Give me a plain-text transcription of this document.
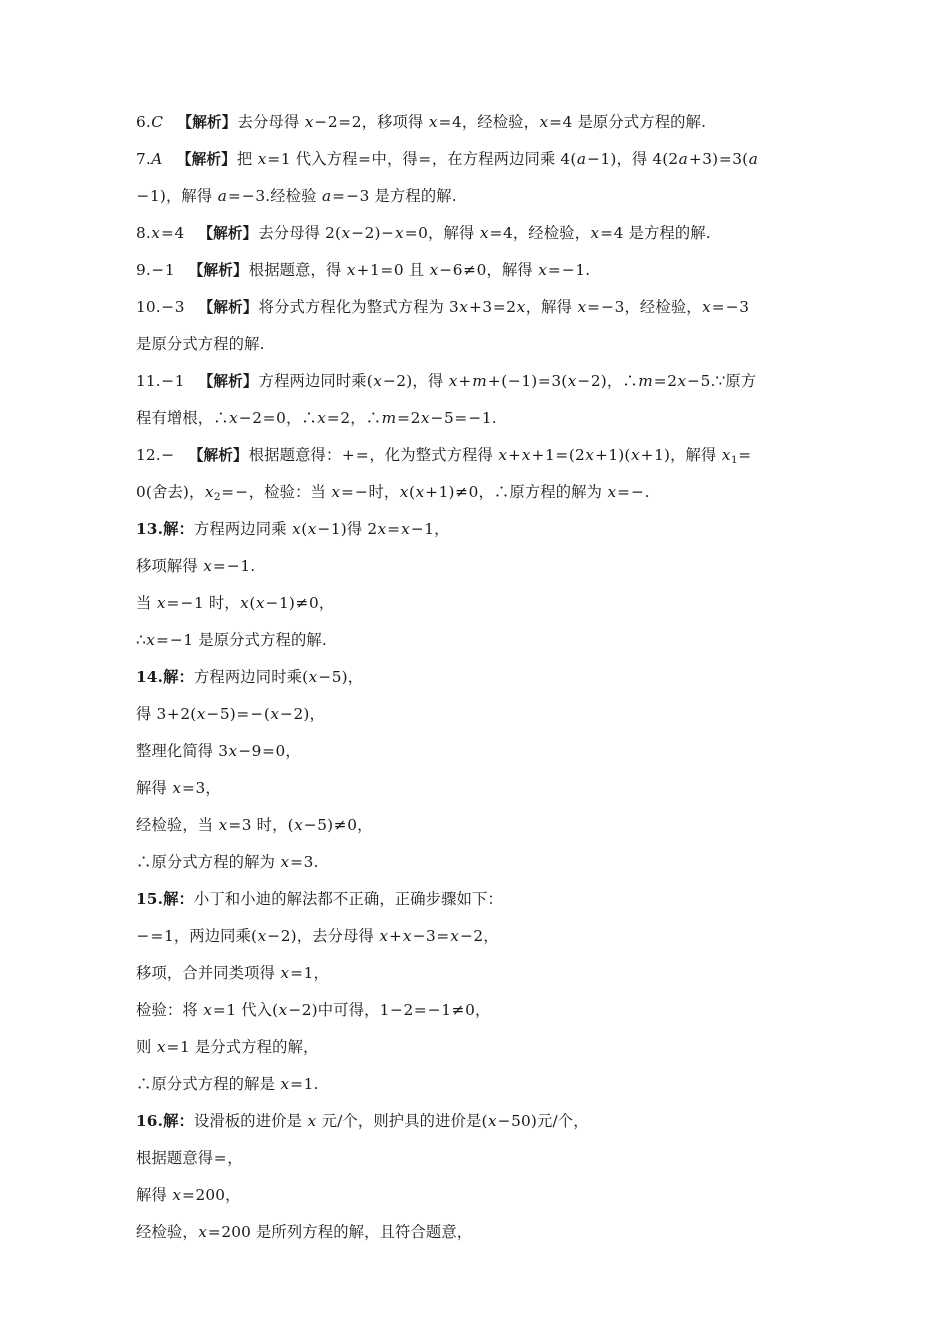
6.C 【解析】去分母得 x−2=2，移项得 x=4，经检验，x=4 是原分式方程的解.
7.A 【解析】把 x=1 代入方程=中，得=，在方程两边同乘 4(a−1)，得 4(2a+3)=3(a
−1)，解得 a=−3.经检验 a=−3 是方程的解.
8.x=4 【解析】去分母得 2(x−2)−x=0，解得 x=4，经检验，x=4 是方程的解.
9.−1 【解析】根据题意，得 x+1=0 且 x−6≠0，解得 x=−1.
10.−3 【解析】将分式方程化为整式方程为 3x+3=2x，解得 x=−3，经检验，x=−3
是原分式方程的解.
11.−1 【解析】方程两边同时乘(x−2)，得 x+m+(−1)=3(x−2)，∴m=2x−5.∵原方
程有增根，∴x−2=0，∴x=2，∴m=2x−5=−1.
12.− 【解析】根据题意得：+=，化为整式方程得 x+x+1=(2x+1)(x+1)，解得 $x_1=$
0(舍去)，$x_2=-$，检验：当 x=−时，x(x+1)≠0，∴原方程的解为 x=−.
13.解：方程两边同乘 x(x−1)得 2x=x−1，
移项解得 x=−1.
当 x=−1 时，x(x−1)≠0，
∴x=−1 是原分式方程的解.
14.解：方程两边同时乘(x−5)，
得 3+2(x−5)=−(x−2)，
整理化简得 3x−9=0，
解得 x=3，
经检验，当 x=3 时，(x−5)≠0，
∴原分式方程的解为 x=3.
15.解：小丁和小迪的解法都不正确，正确步骤如下：
−=1，两边同乘(x−2)，去分母得 x+x−3=x−2，
移项，合并同类项得 x=1，
检验：将 x=1 代入(x−2)中可得，1−2=−1≠0，
则 x=1 是分式方程的解，
∴原分式方程的解是 x=1.
16.解：设滑板的进价是 x 元/个，则护具的进价是(x−50)元/个，
根据题意得=，
解得 x=200，
经检验，x=200 是所列方程的解，且符合题意，
